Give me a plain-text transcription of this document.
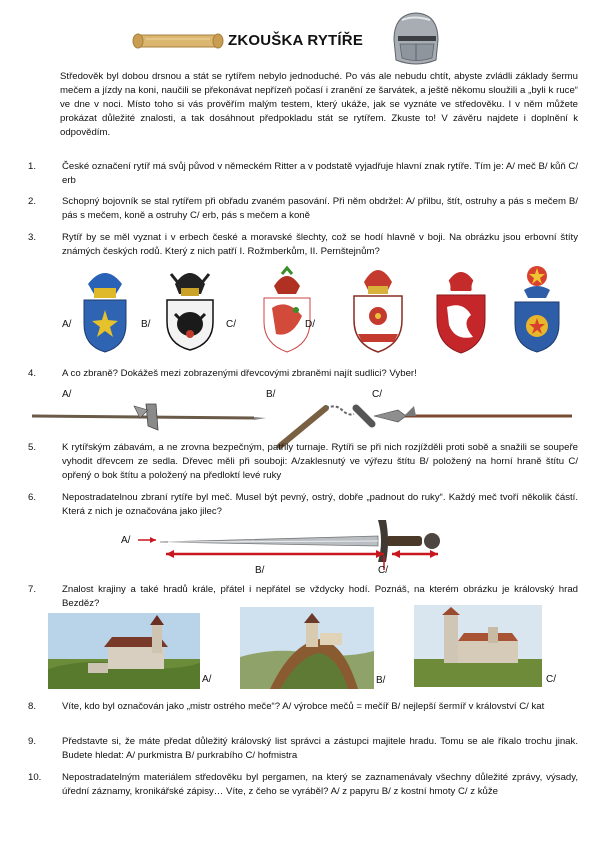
ZKOUŠKA RYTÍŘE
Středověk byl dobou drsnou a stát se rytířem nebylo jednoduché. Po vás ale nebudu chtít, abyste zvládli základy šermu mečem a jízdy na koni, naučili se překonávat nepřízeň počasí i zranění ze šarvátek, a ještě někomu sloužili a „byli k ruce“ ve dne v noci. Místo toho si vás prověřím malým testem, který ukáže, jak se vyznáte ve středověku. I v něm můžete prokázat důležité znalosti, a tak dosáhnout předpokladu stát se rytířem. Zkuste to! V závěru najdete i doplnění k odpovědím.
1.	České označení rytíř má svůj původ v německém Ritter a v podstatě vyjadřuje hlavní znak rytíře. Tím je: A/ meč B/ kůň C/ erb
2.	Schopný bojovník se stal rytířem při obřadu zvaném pasování. Při něm obdržel: A/ přilbu, štít, ostruhy a pás s mečem B/ pás s mečem, koně a ostruhy C/ erb, pás s mečem a koně
3.	Rytíř by se měl vyznat i v erbech české a moravské šlechty, což se hodí hlavně v boji. Na obrázku jsou erbovní štíty známých českých rodů. Který z nich patří I. Rožmberkům, II. Pernštejnům?
A/	B/	C/	D/
4.	A co zbraně? Dokážeš mezi zobrazenými dřevcovými zbraněmi najít sudlici? Vyber!
A/	B/	C/
5.	K rytířským zábavám, a ne zrovna bezpečným, patřily turnaje. Rytíři se při nich rozjížděli proti sobě a snažili se soupeře vyhodit dřevcem ze sedla. Dřevec měli při souboji: A/zaklesnutý ve výřezu štítu B/ položený na horní hraně štítu C/ opřený o bok štítu a položený na předloktí levé ruky
6.	Nepostradatelnou zbraní rytíře byl meč. Musel být pevný, ostrý, dobře „padnout do ruky“. Každý meč tvoří několik částí. Která z nich je označována jako jilec?
A/
B/	C/
7.	Znalost krajiny a také hradů krále, přátel i nepřátel se vždycky hodí. Poznáš, na kterém obrázku je královský hrad Bezděz?
A/	B/	C/
8.	Víte, kdo byl označován jako „mistr ostrého meče“? A/ výrobce mečů = mečíř B/ nejlepší šermíř v království C/ kat
9.	Představte si, že máte předat důležitý královský list správci a zástupci majitele hradu. Tomu se ale říkalo trochu jinak. Budete hledat: A/ purkmistra B/ purkrabího C/ hofmistra
10.	Nepostradatelným materiálem středověku byl pergamen, na který se zaznamenávaly všechny důležité zprávy, výsady, úřední záznamy, kronikářské zápisy… Víte, z čeho se vyráběl? A/ z papyru B/ z kostní hmoty C/ z kůže
